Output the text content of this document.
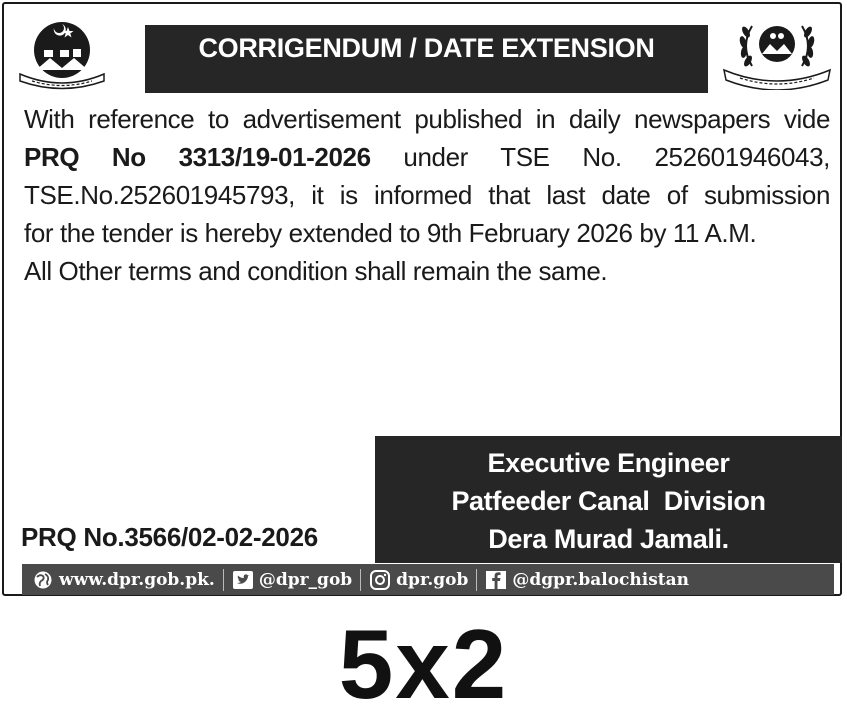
CORRIGENDUM / DATE EXTENSION
With reference to advertisement published in daily newspapers vide
PRQ No 3313/19-01-2026 under TSE No. 252601946043,
TSE.No.252601945793, it is informed that last date of submission
for the tender is hereby extended to 9th February 2026 by 11 A.M.
All Other terms and condition shall remain the same.
Executive Engineer
Patfeeder Canal  Division
Dera Murad Jamali.
PRQ No.3566/02-02-2026
www.dpr.gob.pk.	@dpr_gob	dpr.gob	@dgpr.balochistan
5x2
